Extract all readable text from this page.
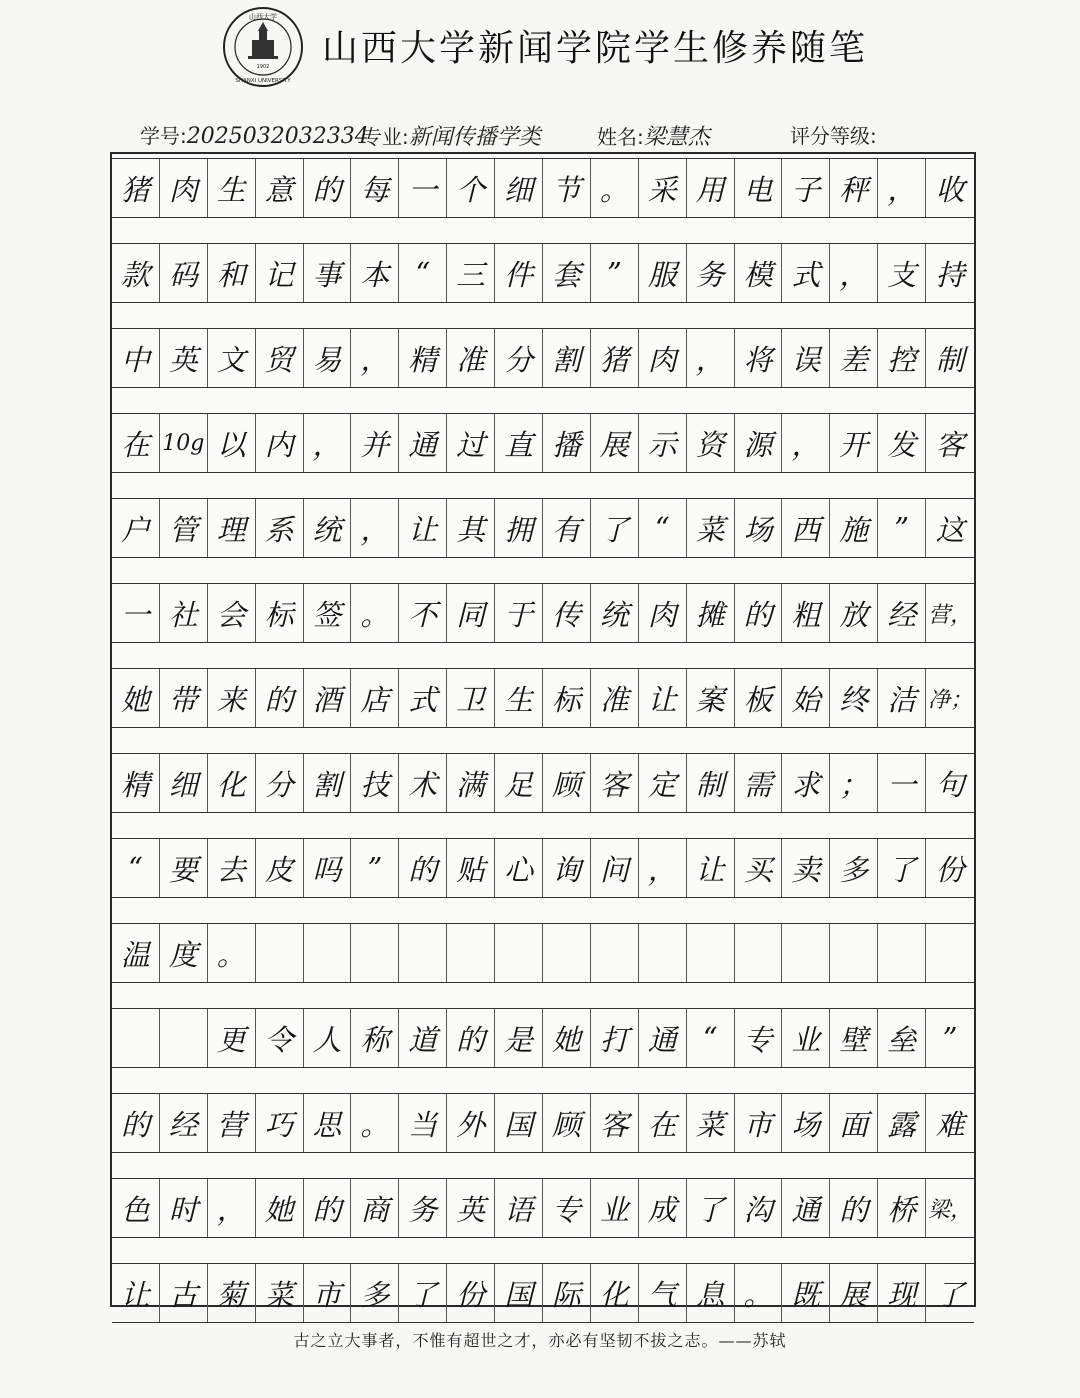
山西大学
SHANXI UNIVERSITY
1902 山西大学新闻学院学生修养随笔
学号:2025032032334
专业:新闻传播学类	姓名:梁慧杰	评分等级:
猪 肉 生 意 的 每 一 个 细 节 。 采 用 电 子 秤 ， 收
款 码 和 记 事 本 “ 三 件 套 ” 服 务 模 式 ， 支 持
中 英 文 贸 易 ， 精 准 分 割 猪 肉 ， 将 误 差 控 制
在 10g 以 内 ， 并 通 过 直 播 展 示 资 源 ， 开 发 客
户 管 理 系 统 ， 让 其 拥 有 了 “ 菜 场 西 施 ” 这
一 社 会 标 签 。 不 同 于 传 统 肉 摊 的 粗 放 经 营，
她 带 来 的 酒 店 式 卫 生 标 准 让 案 板 始 终 洁 净；
精 细 化 分 割 技 术 满 足 顾 客 定 制 需 求 ； 一 句
“ 要 去 皮 吗 ” 的 贴 心 询 问 ， 让 买 卖 多 了 份
温 度 。
更 令 人 称 道 的 是 她 打 通 “ 专 业 壁 垒 ”
的 经 营 巧 思 。 当 外 国 顾 客 在 菜 市 场 面 露 难
色 时 ， 她 的 商 务 英 语 专 业 成 了 沟 通 的 桥 梁，
让 古 菊 菜 市 多 了 份 国 际 化 气 息 。 既 展 现 了
古之立大事者，不惟有超世之才，亦必有坚韧不拔之志。——苏轼
